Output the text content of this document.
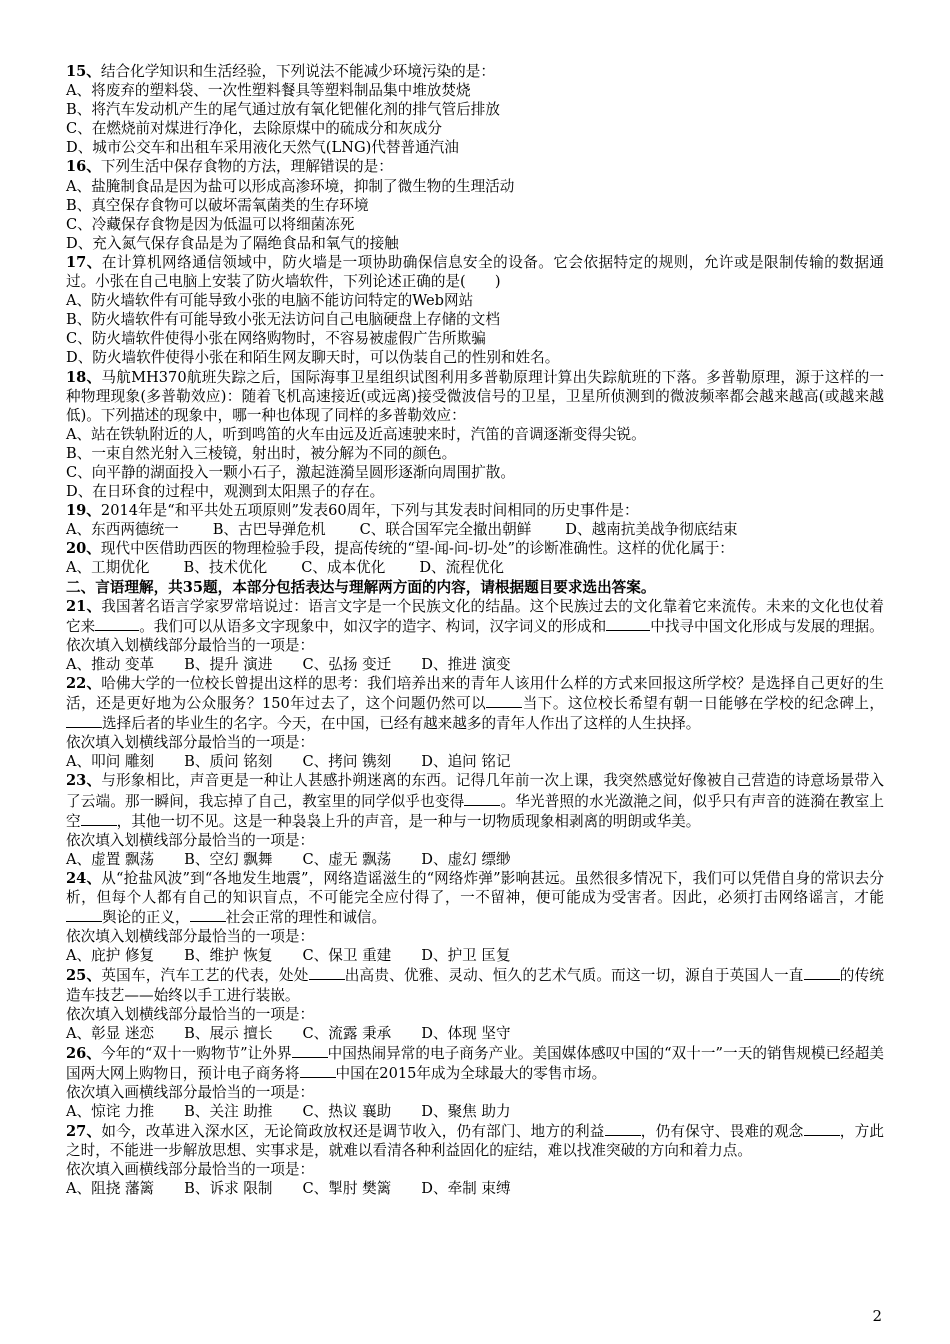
15、结合化学知识和生活经验，下列说法不能减少环境污染的是：
A、将废弃的塑料袋、一次性塑料餐具等塑料制品集中堆放焚烧
B、将汽车发动机产生的尾气通过放有氧化钯催化剂的排气管后排放
C、在燃烧前对煤进行净化，去除原煤中的硫成分和灰成分
D、城市公交车和出租车采用液化天然气(LNG)代替普通汽油
16、下列生活中保存食物的方法，理解错误的是：
A、盐腌制食品是因为盐可以形成高渗环境，抑制了微生物的生理活动
B、真空保存食物可以破坏需氧菌类的生存环境
C、冷藏保存食物是因为低温可以将细菌冻死
D、充入氮气保存食品是为了隔绝食品和氧气的接触
17、在计算机网络通信领域中，防火墙是一项协助确保信息安全的设备。它会依据特定的规则，允许或是限制传输的数据通过。小张在自己电脑上安装了防火墙软件，下列论述正确的是(　　)
A、防火墙软件有可能导致小张的电脑不能访问特定的Web网站
B、防火墙软件有可能导致小张无法访问自己电脑硬盘上存储的文档
C、防火墙软件使得小张在网络购物时，不容易被虚假广告所欺骗
D、防火墙软件使得小张在和陌生网友聊天时，可以伪装自己的性别和姓名。
18、马航MH370航班失踪之后，国际海事卫星组织试图利用多普勒原理计算出失踪航班的下落。多普勒原理，源于这样的一种物理现象(多普勒效应)：随着飞机高速接近(或远离)接受微波信号的卫星，卫星所侦测到的微波频率都会越来越高(或越来越低)。下列描述的现象中，哪一种也体现了同样的多普勒效应：
A、站在铁轨附近的人，听到鸣笛的火车由远及近高速驶来时，汽笛的音调逐渐变得尖锐。
B、一束自然光射入三棱镜，射出时，被分解为不同的颜色。
C、向平静的湖面投入一颗小石子，激起涟漪呈圆形逐渐向周围扩散。
D、在日环食的过程中，观测到太阳黑子的存在。
19、2014年是“和平共处五项原则”发表60周年，下列与其发表时间相同的历史事件是：
A、东西两德统一 B、古巴导弹危机 C、联合国军完全撤出朝鲜 D、越南抗美战争彻底结束
20、现代中医借助西医的物理检验手段，提高传统的“望-闻-问-切-处”的诊断准确性。这样的优化属于：
A、工期优化 B、技术优化 C、成本优化 D、流程优化
二、言语理解，共35题，本部分包括表达与理解两方面的内容，请根据题目要求选出答案。
21、我国著名语言学家罗常培说过：语言文字是一个民族文化的结晶。这个民族过去的文化靠着它来流传。未来的文化也仗着它来	。我们可以从语多文字现象中，如汉字的造字、构词，汉字词义的形成和	中找寻中国文化形成与发展的理据。
依次填入划横线部分最恰当的一项是：
A、推动 变革 B、提升 演进 C、弘扬 变迁 D、推进 演变
22、哈佛大学的一位校长曾提出这样的思考：我们培养出来的青年人该用什么样的方式来回报这所学校？是选择自己更好的生活，还是更好地为公众服务？150年过去了，这个问题仍然可以 当下。这位校长希望有朝一日能够在学校的纪念碑上，选择后者的毕业生的名字。今天，在中国，已经有越来越多的青年人作出了这样的人生抉择。
依次填入划横线部分最恰当的一项是：
A、叩问 雕刻 B、质问 铭刻 C、拷问 镌刻 D、追问 铭记
23、与形象相比，声音更是一种让人甚感扑朔迷离的东西。记得几年前一次上课，我突然感觉好像被自己营造的诗意场景带入了云端。那一瞬间，我忘掉了自己，教室里的同学似乎也变得 。华光普照的水光潋滟之间，似乎只有声音的涟漪在教室上空 ，其他一切不见。这是一种袅袅上升的声音，是一种与一切物质现象相剥离的明朗或华美。
依次填入划横线部分最恰当的一项是：
A、虚置 飘荡 B、空幻 飘舞 C、虚无 飘荡 D、虚幻 缥缈
24、从“抢盐风波”到“各地发生地震”，网络造谣滋生的“网络炸弹”影响甚远。虽然很多情况下，我们可以凭借自身的常识去分析，但每个人都有自己的知识盲点，不可能完全应付得了，一不留神，便可能成为受害者。因此，必须打击网络谣言，才能舆论的正义， 社会正常的理性和诚信。
依次填入划横线部分最恰当的一项是：
A、庇护 修复 B、维护 恢复 C、保卫 重建 D、护卫 匡复
25、英国车，汽车工艺的代表，处处 出高贵、优雅、灵动、恒久的艺术气质。而这一切，源自于英国人一直 的传统造车技艺——始终以手工进行装嵌。
依次填入划横线部分最恰当的一项是：
A、彰显 迷恋 B、展示 擅长 C、流露 秉承 D、体现 坚守
26、今年的“双十一购物节”让外界 中国热闹异常的电子商务产业。美国媒体感叹中国的“双十一”一天的销售规模已经超美国两大网上购物日，预计电子商务将 中国在2015年成为全球最大的零售市场。
依次填入画横线部分最恰当的一项是：
A、惊诧 力推 B、关注 助推 C、热议 襄助 D、聚焦 助力
27、如今，改革进入深水区，无论简政放权还是调节收入，仍有部门、地方的利益 ，仍有保守、畏难的观念 ，方此之时，不能进一步解放思想、实事求是，就难以看清各种利益固化的症结，难以找准突破的方向和着力点。
依次填入画横线部分最恰当的一项是：
A、阻挠 藩篱 B、诉求 限制 C、掣肘 樊篱 D、牵制 束缚
2
